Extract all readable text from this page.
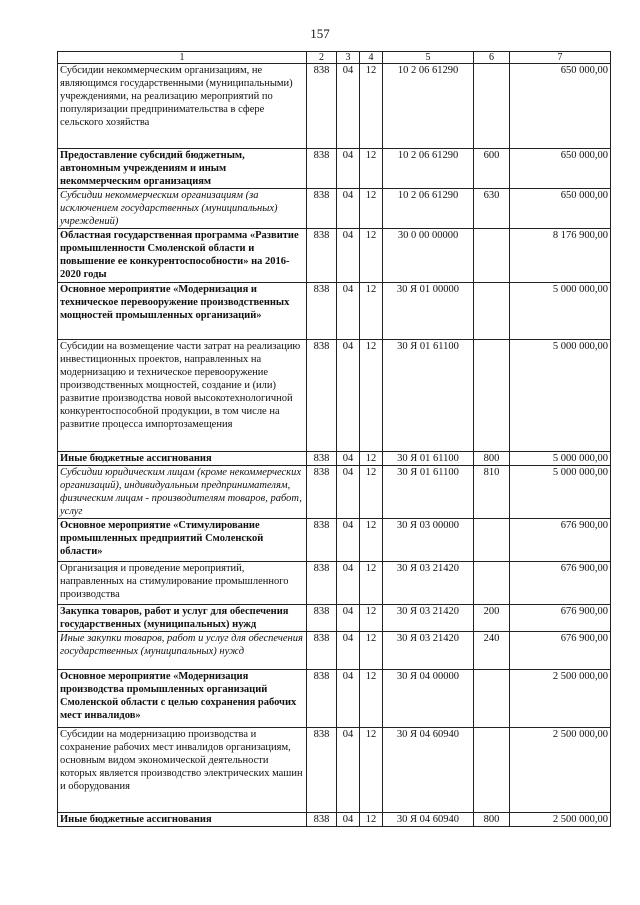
157
1	2	3	4	5	6	7
Субсидии некоммерческим организациям, не являющимся государственными (муниципальными) учреждениями, на реализацию мероприятий по популяризации предпринимательства в сфере сельского хозяйства	838	04	12	10 2 06 61290		650 000,00
Предоставление субсидий бюджетным, автономным учреждениям и иным некоммерческим организациям	838	04	12	10 2 06 61290	600	650 000,00
Субсидии некоммерческим организациям (за исключением государственных (муниципальных) учреждений)	838	04	12	10 2 06 61290	630	650 000,00
Областная государственная программа «Развитие промышленности Смоленской области и повышение ее конкурентоспособности» на 2016-2020 годы	838	04	12	30 0 00 00000		8 176 900,00
Основное мероприятие «Модернизация и техническое перевооружение производственных мощностей промышленных организаций»	838	04	12	30 Я 01 00000		5 000 000,00
Субсидии на возмещение части затрат на реализацию инвестиционных проектов, направленных на модернизацию и техническое перевооружение производственных мощностей, создание и (или) развитие производства новой высокотехнологичной конкурентоспособной продукции, в том числе на развитие процесса импортозамещения	838	04	12	30 Я 01 61100		5 000 000,00
Иные бюджетные ассигнования	838	04	12	30 Я 01 61100	800	5 000 000,00
Субсидии юридическим лицам (кроме некоммерческих организаций), индивидуальным предпринимателям, физическим лицам - производителям товаров, работ, услуг	838	04	12	30 Я 01 61100	810	5 000 000,00
Основное мероприятие «Стимулирование промышленных предприятий Смоленской области»	838	04	12	30 Я 03 00000		676 900,00
Организация и проведение мероприятий, направленных на стимулирование промышленного производства	838	04	12	30 Я 03 21420		676 900,00
Закупка товаров, работ и услуг для обеспечения государственных (муниципальных) нужд	838	04	12	30 Я 03 21420	200	676 900,00
Иные закупки товаров, работ и услуг для обеспечения государственных (муниципальных) нужд	838	04	12	30 Я 03 21420	240	676 900,00
Основное мероприятие «Модернизация производства промышленных организаций Смоленской области с целью сохранения рабочих мест инвалидов»	838	04	12	30 Я 04 00000		2 500 000,00
Субсидии на модернизацию производства и сохранение рабочих мест инвалидов организациям, основным видом экономической деятельности которых является производство электрических машин и оборудования	838	04	12	30 Я 04 60940		2 500 000,00
Иные бюджетные ассигнования	838	04	12	30 Я 04 60940	800	2 500 000,00
